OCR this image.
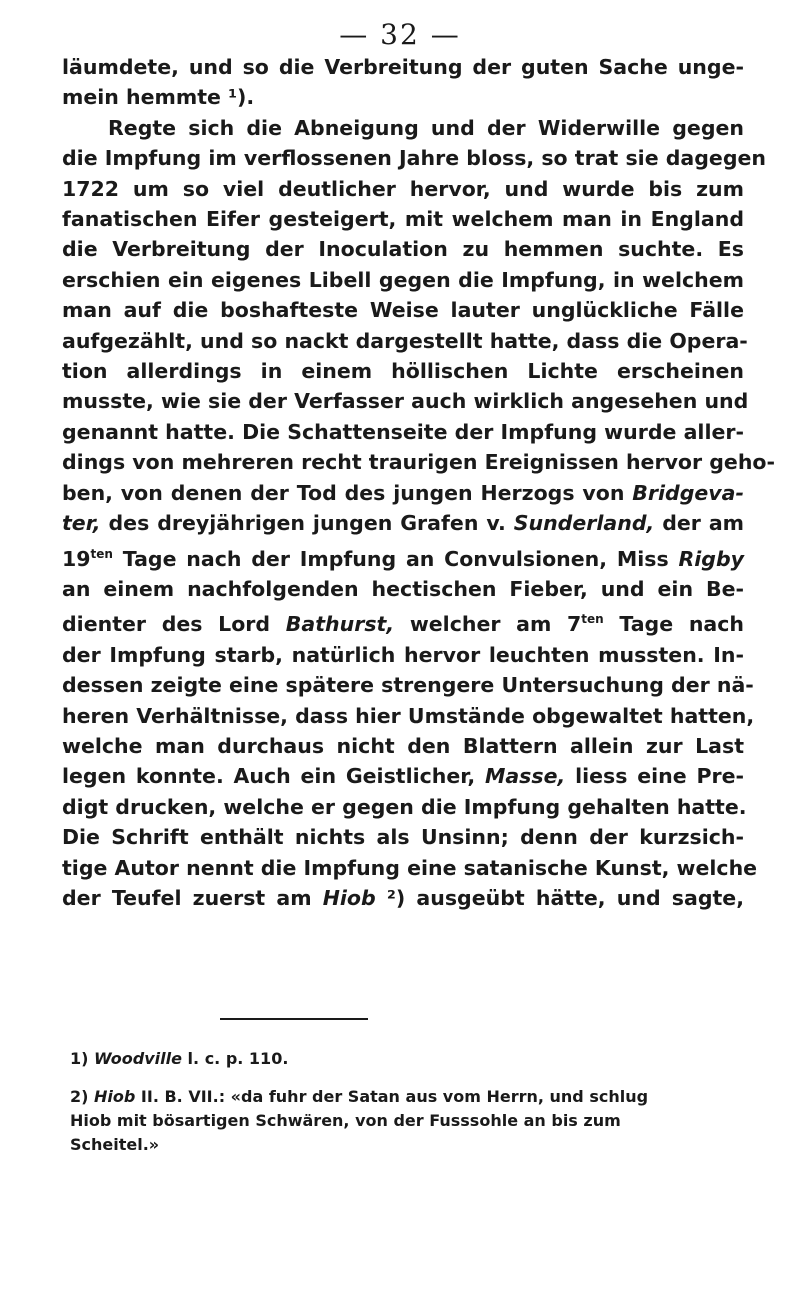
— 32 —
läumdete, und so die Verbreitung der guten Sache unge-
mein hemmte ¹).
Regte sich die Abneigung und der Widerwille gegen
die Impfung im verflossenen Jahre bloss, so trat sie dagegen
1722 um so viel deutlicher hervor, und wurde bis zum
fanatischen Eifer gesteigert, mit welchem man in England
die Verbreitung der Inoculation zu hemmen suchte. Es
erschien ein eigenes Libell gegen die Impfung, in welchem
man auf die boshafteste Weise lauter unglückliche Fälle
aufgezählt, und so nackt dargestellt hatte, dass die Opera-
tion allerdings in einem höllischen Lichte erscheinen
musste, wie sie der Verfasser auch wirklich angesehen und
genannt hatte. Die Schattenseite der Impfung wurde aller-
dings von mehreren recht traurigen Ereignissen hervor geho-
ben, von denen der Tod des jungen Herzogs von Bridgeva-
ter, des dreyjährigen jungen Grafen v. Sunderland, der am
$19^{ten}$ Tage nach der Impfung an Convulsionen, Miss Rigby
an einem nachfolgenden hectischen Fieber, und ein Be-
dienter des Lord Bathurst, welcher am $7^{ten}$ Tage nach
der Impfung starb, natürlich hervor leuchten mussten. In-
dessen zeigte eine spätere strengere Untersuchung der nä-
heren Verhältnisse, dass hier Umstände obgewaltet hatten,
welche man durchaus nicht den Blattern allein zur Last
legen konnte. Auch ein Geistlicher, Masse, liess eine Pre-
digt drucken, welche er gegen die Impfung gehalten hatte.
Die Schrift enthält nichts als Unsinn; denn der kurzsich-
tige Autor nennt die Impfung eine satanische Kunst, welche
der Teufel zuerst am Hiob ²) ausgeübt hätte, und sagte,
1) Woodville l. c. p. 110.
2) Hiob II. B. VII.: «da fuhr der Satan aus vom Herrn, und schlug
Hiob mit bösartigen Schwären, von der Fusssohle an bis zum
Scheitel.»
